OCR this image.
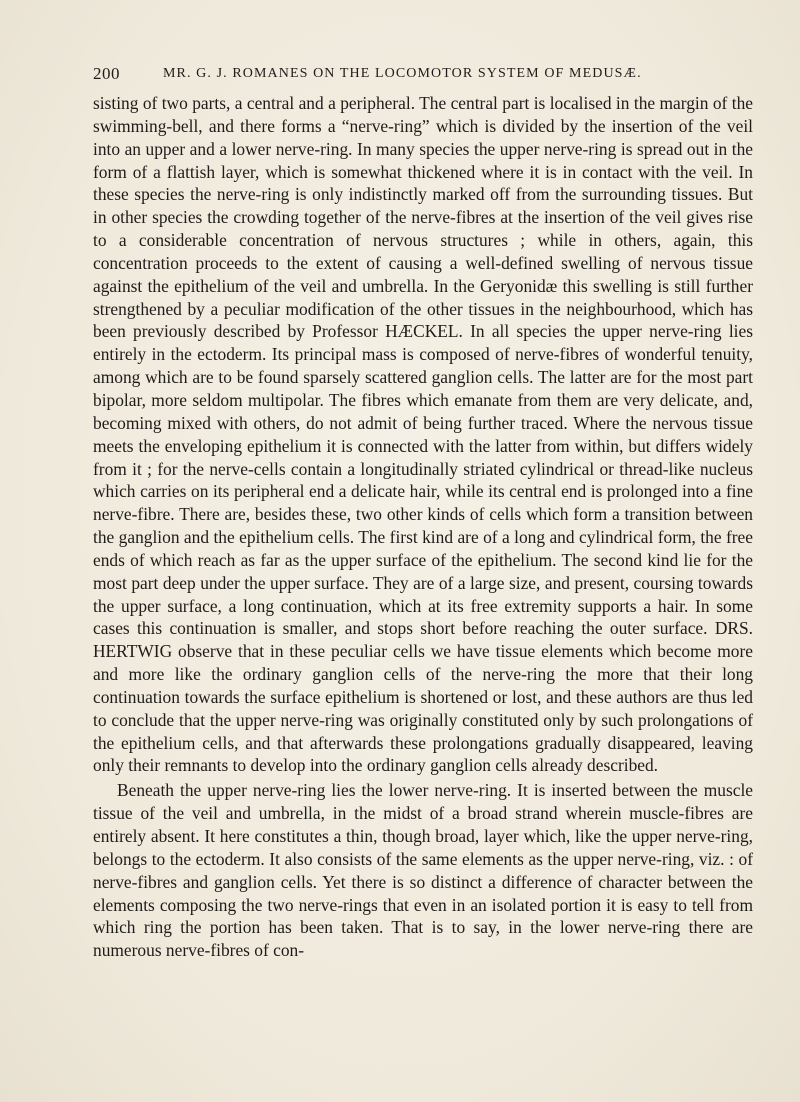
200	MR. G. J. ROMANES ON THE LOCOMOTOR SYSTEM OF MEDUSÆ.

sisting of two parts, a central and a peripheral. The central part is localised in the margin of the swimming-bell, and there forms a “nerve-ring” which is divided by the insertion of the veil into an upper and a lower nerve-ring. In many species the upper nerve-ring is spread out in the form of a flattish layer, which is somewhat thickened where it is in contact with the veil. In these species the nerve-ring is only indistinctly marked off from the surrounding tissues. But in other species the crowding together of the nerve-fibres at the insertion of the veil gives rise to a considerable concentration of nervous structures ; while in others, again, this concentration proceeds to the extent of causing a well-defined swelling of nervous tissue against the epithelium of the veil and umbrella. In the Geryonidæ this swelling is still further strengthened by a peculiar modification of the other tissues in the neighbourhood, which has been previously described by Professor HÆCKEL. In all species the upper nerve-ring lies entirely in the ectoderm. Its principal mass is composed of nerve-fibres of wonderful tenuity, among which are to be found sparsely scattered ganglion cells. The latter are for the most part bipolar, more seldom multipolar. The fibres which emanate from them are very delicate, and, becoming mixed with others, do not admit of being further traced. Where the nervous tissue meets the enveloping epithelium it is connected with the latter from within, but differs widely from it ; for the nerve-cells contain a longitudinally striated cylindrical or thread-like nucleus which carries on its peripheral end a delicate hair, while its central end is prolonged into a fine nerve-fibre. There are, besides these, two other kinds of cells which form a transition between the ganglion and the epithelium cells. The first kind are of a long and cylindrical form, the free ends of which reach as far as the upper surface of the epithelium. The second kind lie for the most part deep under the upper surface. They are of a large size, and present, coursing towards the upper surface, a long continuation, which at its free extremity supports a hair. In some cases this continuation is smaller, and stops short before reaching the outer surface. DRS. HERTWIG observe that in these peculiar cells we have tissue elements which become more and more like the ordinary ganglion cells of the nerve-ring the more that their long continuation towards the surface epithelium is shortened or lost, and these authors are thus led to conclude that the upper nerve-ring was originally constituted only by such prolongations of the epithelium cells, and that afterwards these prolongations gradually disappeared, leaving only their remnants to develop into the ordinary ganglion cells already described.

Beneath the upper nerve-ring lies the lower nerve-ring. It is inserted between the muscle tissue of the veil and umbrella, in the midst of a broad strand wherein muscle-fibres are entirely absent. It here constitutes a thin, though broad, layer which, like the upper nerve-ring, belongs to the ectoderm. It also consists of the same elements as the upper nerve-ring, viz. : of nerve-fibres and ganglion cells. Yet there is so distinct a difference of character between the elements composing the two nerve-rings that even in an isolated portion it is easy to tell from which ring the portion has been taken. That is to say, in the lower nerve-ring there are numerous nerve-fibres of con-
